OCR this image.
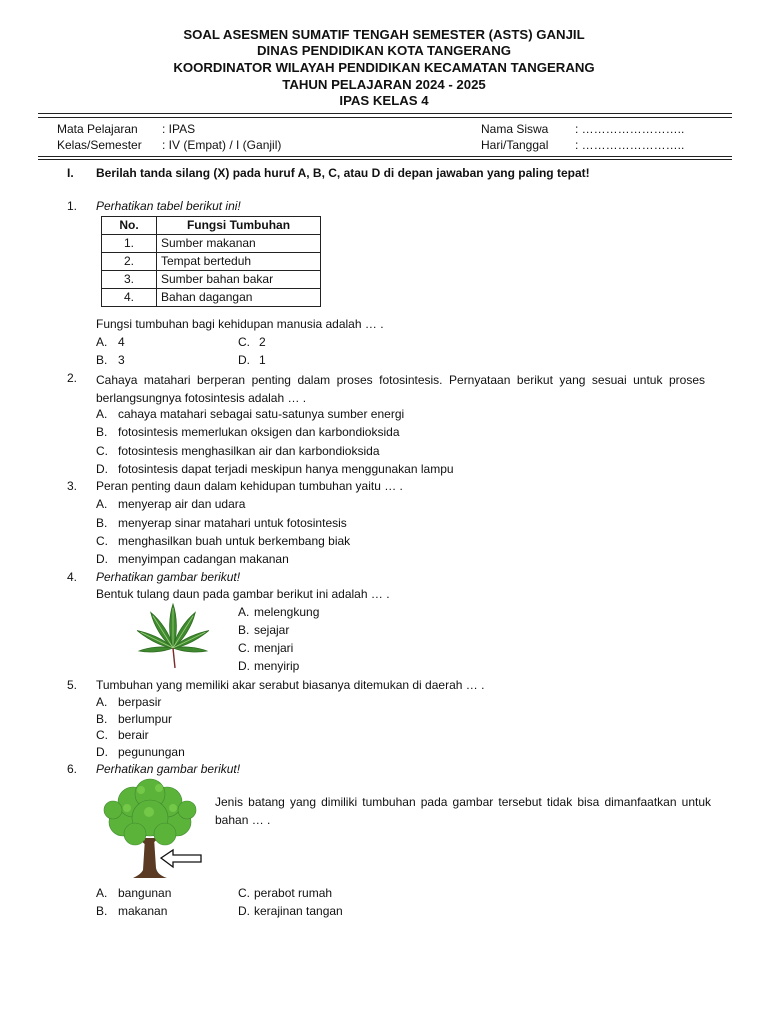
SOAL ASESMEN SUMATIF TENGAH SEMESTER (ASTS) GANJIL
DINAS PENDIDIKAN KOTA TANGERANG
KOORDINATOR WILAYAH PENDIDIKAN KECAMATAN TANGERANG
TAHUN PELAJARAN 2024 - 2025
IPAS KELAS 4
Mata Pelajaran : IPAS
Kelas/Semester : IV (Empat) / I (Ganjil)
Nama Siswa : ……………………..
Hari/Tanggal : ……………………..
I. Berilah tanda silang (X) pada huruf A, B, C, atau D di depan jawaban yang paling tepat!
1. Perhatikan tabel berikut ini!
No.	Fungsi Tumbuhan
1.	Sumber makanan
2.	Tempat berteduh
3.	Sumber bahan bakar
4.	Bahan dagangan
Fungsi tumbuhan bagi kehidupan manusia adalah … .
A. 4
B. 3
C. 2
D. 1
2. Cahaya matahari berperan penting dalam proses fotosintesis. Pernyataan berikut yang sesuai untuk proses berlangsungnya fotosintesis adalah … .
A. cahaya matahari sebagai satu-satunya sumber energi
B. fotosintesis memerlukan oksigen dan karbondioksida
C. fotosintesis menghasilkan air dan karbondioksida
D. fotosintesis dapat terjadi meskipun hanya menggunakan lampu
3. Peran penting daun dalam kehidupan tumbuhan yaitu … .
A. menyerap air dan udara
B. menyerap sinar matahari untuk fotosintesis
C. menghasilkan buah untuk berkembang biak
D. menyimpan cadangan makanan
4. Perhatikan gambar berikut!
Bentuk tulang daun pada gambar berikut ini adalah … .
A. melengkung
B. sejajar
C. menjari
D. menyirip
5. Tumbuhan yang memiliki akar serabut biasanya ditemukan di daerah … .
A. berpasir
B. berlumpur
C. berair
D. pegunungan
6. Perhatikan gambar berikut!
Jenis batang yang dimiliki tumbuhan pada gambar tersebut tidak bisa dimanfaatkan untuk bahan … .
A. bangunan
B. makanan
C. perabot rumah
D. kerajinan tangan
